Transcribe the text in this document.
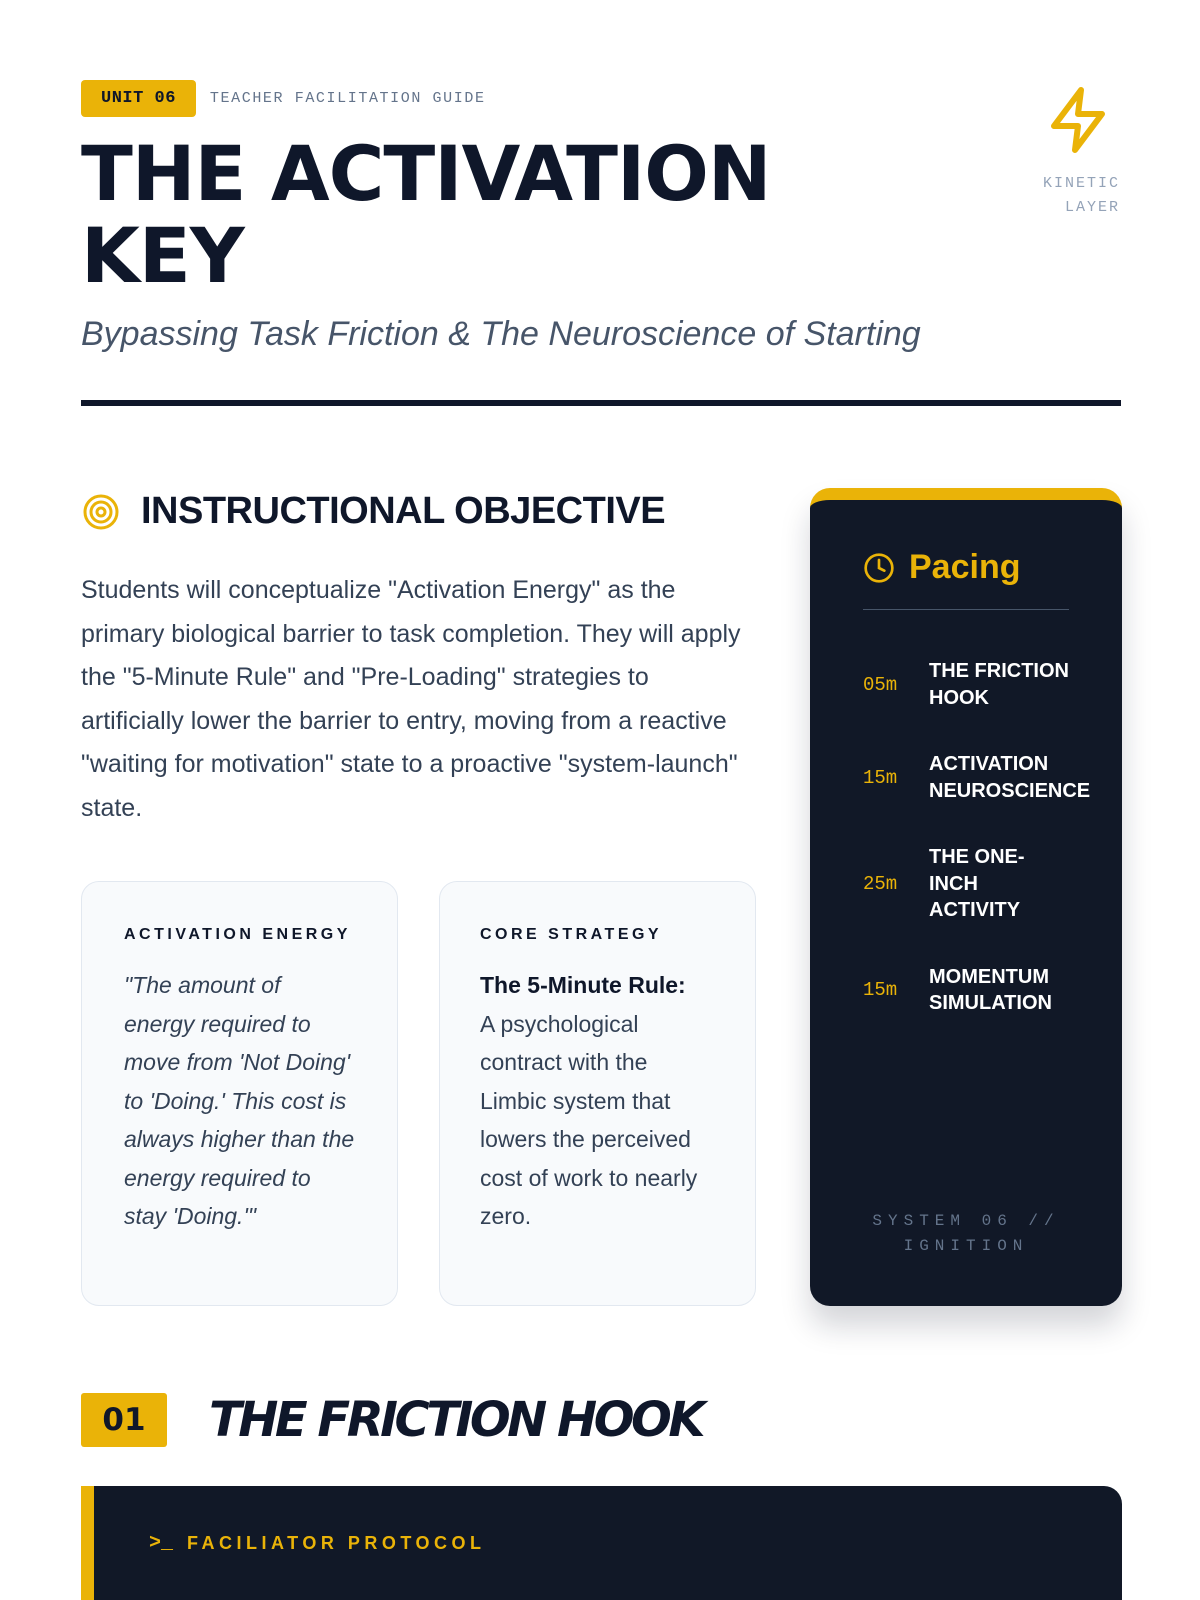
UNIT 06	TEACHER FACILITATION GUIDE
THE ACTIVATION KEY
Bypassing Task Friction & The Neuroscience of Starting
KINETIC LAYER
INSTRUCTIONAL OBJECTIVE

Students will conceptualize "Activation Energy" as the primary biological barrier to task completion. They will apply the "5-Minute Rule" and "Pre-Loading" strategies to artificially lower the barrier to entry, moving from a reactive "waiting for motivation" state to a proactive "system-launch" state.

ACTIVATION ENERGY

"The amount of energy required to move from 'Not Doing' to 'Doing.' This cost is always higher than the energy required to stay 'Doing.'"

CORE STRATEGY

The 5-Minute Rule:
A psychological contract with the Limbic system that lowers the perceived cost of work to nearly zero.

Pacing
05m
THE FRICTION HOOK
15m
ACTIVATION NEUROSCIENCE
25m
THE ONE-INCH ACTIVITY
15m
MOMENTUM SIMULATION
SYSTEM 06 // IGNITION
01	THE FRICTION HOOK
>_ FACILIATOR PROTOCOL
